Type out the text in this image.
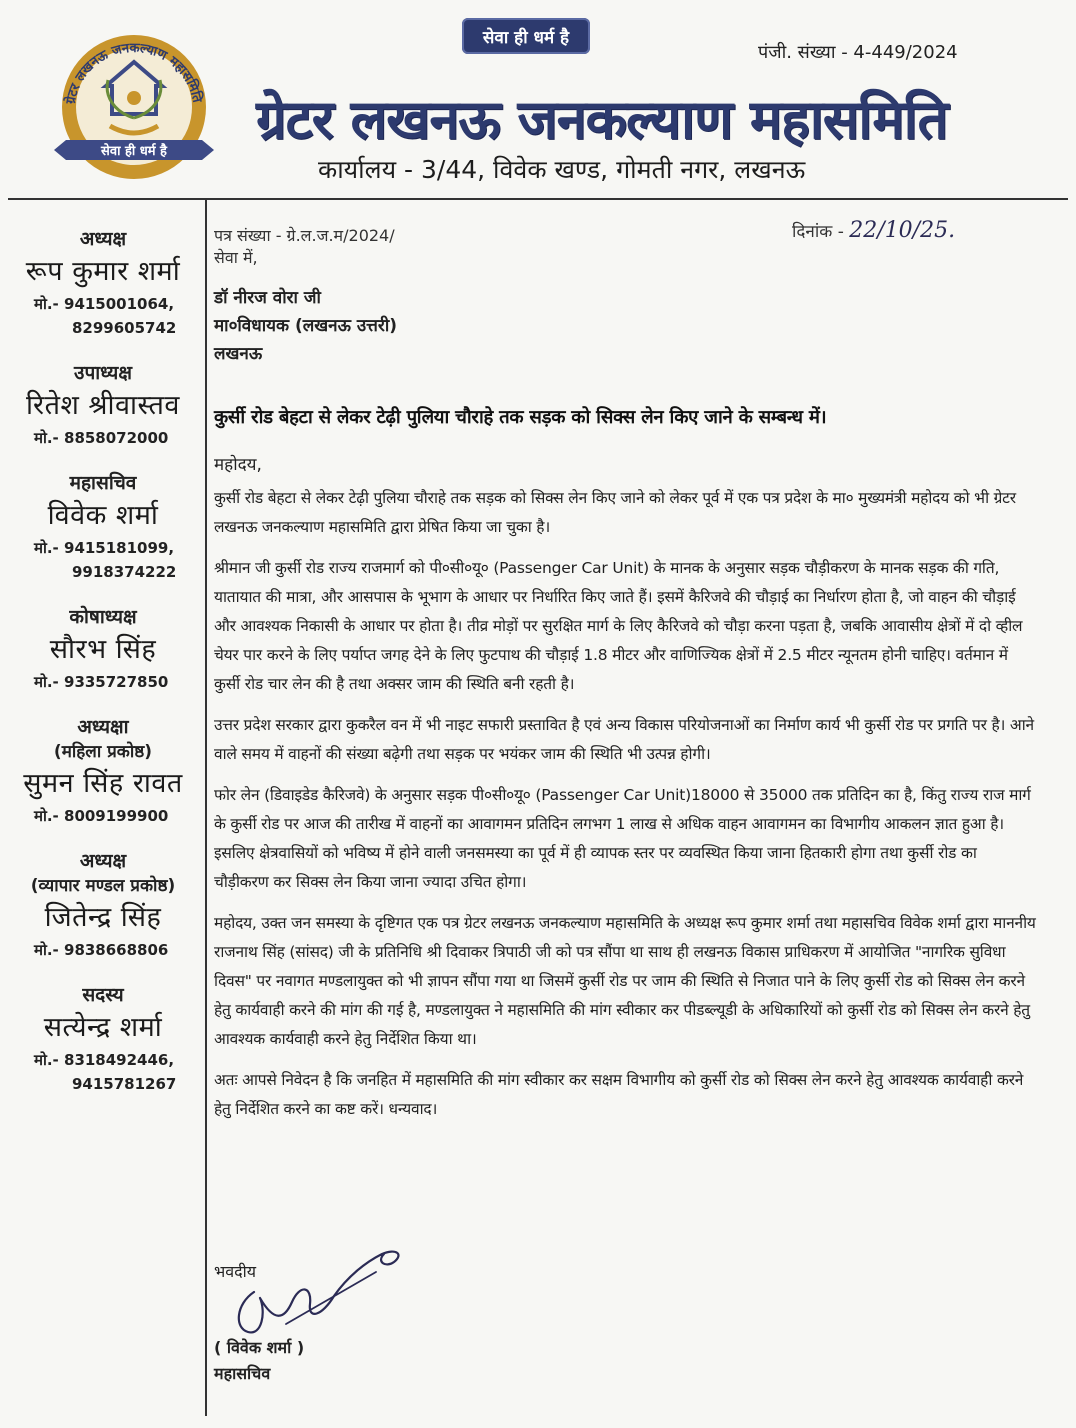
ग्रेटर लखनऊ जनकल्याण महासमिति
सेवा ही धर्म है
सेवा ही धर्म है
पंजी. संख्या - 4-449/2024
ग्रेटर लखनऊ जनकल्याण महासमिति
कार्यालय - 3/44, विवेक खण्ड, गोमती नगर, लखनऊ
अध्यक्ष
रूप कुमार शर्मा
मो.- 9415001064,
8299605742
उपाध्यक्ष
रितेश श्रीवास्तव
मो.- 8858072000
महासचिव
विवेक शर्मा
मो.- 9415181099,
9918374222
कोषाध्यक्ष
सौरभ सिंह
मो.- 9335727850
अध्यक्षा
(महिला प्रकोष्ठ)
सुमन सिंह रावत
मो.- 8009199900
अध्यक्ष
(व्यापार मण्डल प्रकोष्ठ)
जितेन्द्र सिंह
मो.- 9838668806
सदस्य
सत्येन्द्र शर्मा
मो.- 8318492446,
9415781267
पत्र संख्या - ग्रे.ल.ज.म/2024/	दिनांक - 22/10/25.
सेवा में,
डॉ नीरज वोरा जी
मा०विधायक (लखनऊ उत्तरी)
लखनऊ
कुर्सी रोड बेहटा से लेकर टेढ़ी पुलिया चौराहे तक सड़क को सिक्स लेन किए जाने के सम्बन्ध में।
महोदय,

कुर्सी रोड बेहटा से लेकर टेढ़ी पुलिया चौराहे तक सड़क को सिक्स लेन किए जाने को लेकर पूर्व में एक पत्र प्रदेश के मा० मुख्यमंत्री महोदय को भी ग्रेटर लखनऊ जनकल्याण महासमिति द्वारा प्रेषित किया जा चुका है।

श्रीमान जी कुर्सी रोड राज्य राजमार्ग को पी०सी०यू० (Passenger Car Unit) के मानक के अनुसार सड़क चौड़ीकरण के मानक सड़क की गति, यातायात की मात्रा, और आसपास के भूभाग के आधार पर निर्धारित किए जाते हैं। इसमें कैरिजवे की चौड़ाई का निर्धारण होता है, जो वाहन की चौड़ाई और आवश्यक निकासी के आधार पर होता है। तीव्र मोड़ों पर सुरक्षित मार्ग के लिए कैरिजवे को चौड़ा करना पड़ता है, जबकि आवासीय क्षेत्रों में दो व्हील चेयर पार करने के लिए पर्याप्त जगह देने के लिए फुटपाथ की चौड़ाई 1.8 मीटर और वाणिज्यिक क्षेत्रों में 2.5 मीटर न्यूनतम होनी चाहिए। वर्तमान में कुर्सी रोड चार लेन की है तथा अक्सर जाम की स्थिति बनी रहती है।

उत्तर प्रदेश सरकार द्वारा कुकरैल वन में भी नाइट सफारी प्रस्तावित है एवं अन्य विकास परियोजनाओं का निर्माण कार्य भी कुर्सी रोड पर प्रगति पर है। आने वाले समय में वाहनों की संख्या बढ़ेगी तथा सड़क पर भयंकर जाम की स्थिति भी उत्पन्न होगी।

फोर लेन (डिवाइडेड कैरिजवे) के अनुसार सड़क पी०सी०यू० (Passenger Car Unit)18000 से 35000 तक प्रतिदिन का है, किंतु राज्य राज मार्ग के कुर्सी रोड पर आज की तारीख में वाहनों का आवागमन प्रतिदिन लगभग 1 लाख से अधिक वाहन आवागमन का विभागीय आकलन ज्ञात हुआ है। इसलिए क्षेत्रवासियों को भविष्य में होने वाली जनसमस्या का पूर्व में ही व्यापक स्तर पर व्यवस्थित किया जाना हितकारी होगा तथा कुर्सी रोड का चौड़ीकरण कर सिक्स लेन किया जाना ज्यादा उचित होगा।

महोदय, उक्त जन समस्या के दृष्टिगत एक पत्र ग्रेटर लखनऊ जनकल्याण महासमिति के अध्यक्ष रूप कुमार शर्मा तथा महासचिव विवेक शर्मा द्वारा माननीय राजनाथ सिंह (सांसद) जी के प्रतिनिधि श्री दिवाकर त्रिपाठी जी को पत्र सौंपा था साथ ही लखनऊ विकास प्राधिकरण में आयोजित "नागरिक सुविधा दिवस" पर नवागत मण्डलायुक्त को भी ज्ञापन सौंपा गया था जिसमें कुर्सी रोड पर जाम की स्थिति से निजात पाने के लिए कुर्सी रोड को सिक्स लेन करने हेतु कार्यवाही करने की मांग की गई है, मण्डलायुक्त ने महासमिति की मांग स्वीकार कर पीडब्ल्यूडी के अधिकारियों को कुर्सी रोड को सिक्स लेन करने हेतु आवश्यक कार्यवाही करने हेतु निर्देशित किया था।

अतः आपसे निवेदन है कि जनहित में महासमिति की मांग स्वीकार कर सक्षम विभागीय को कुर्सी रोड को सिक्स लेन करने हेतु आवश्यक कार्यवाही करने हेतु निर्देशित करने का कष्ट करें। धन्यवाद।

भवदीय
( विवेक शर्मा )
महासचिव
